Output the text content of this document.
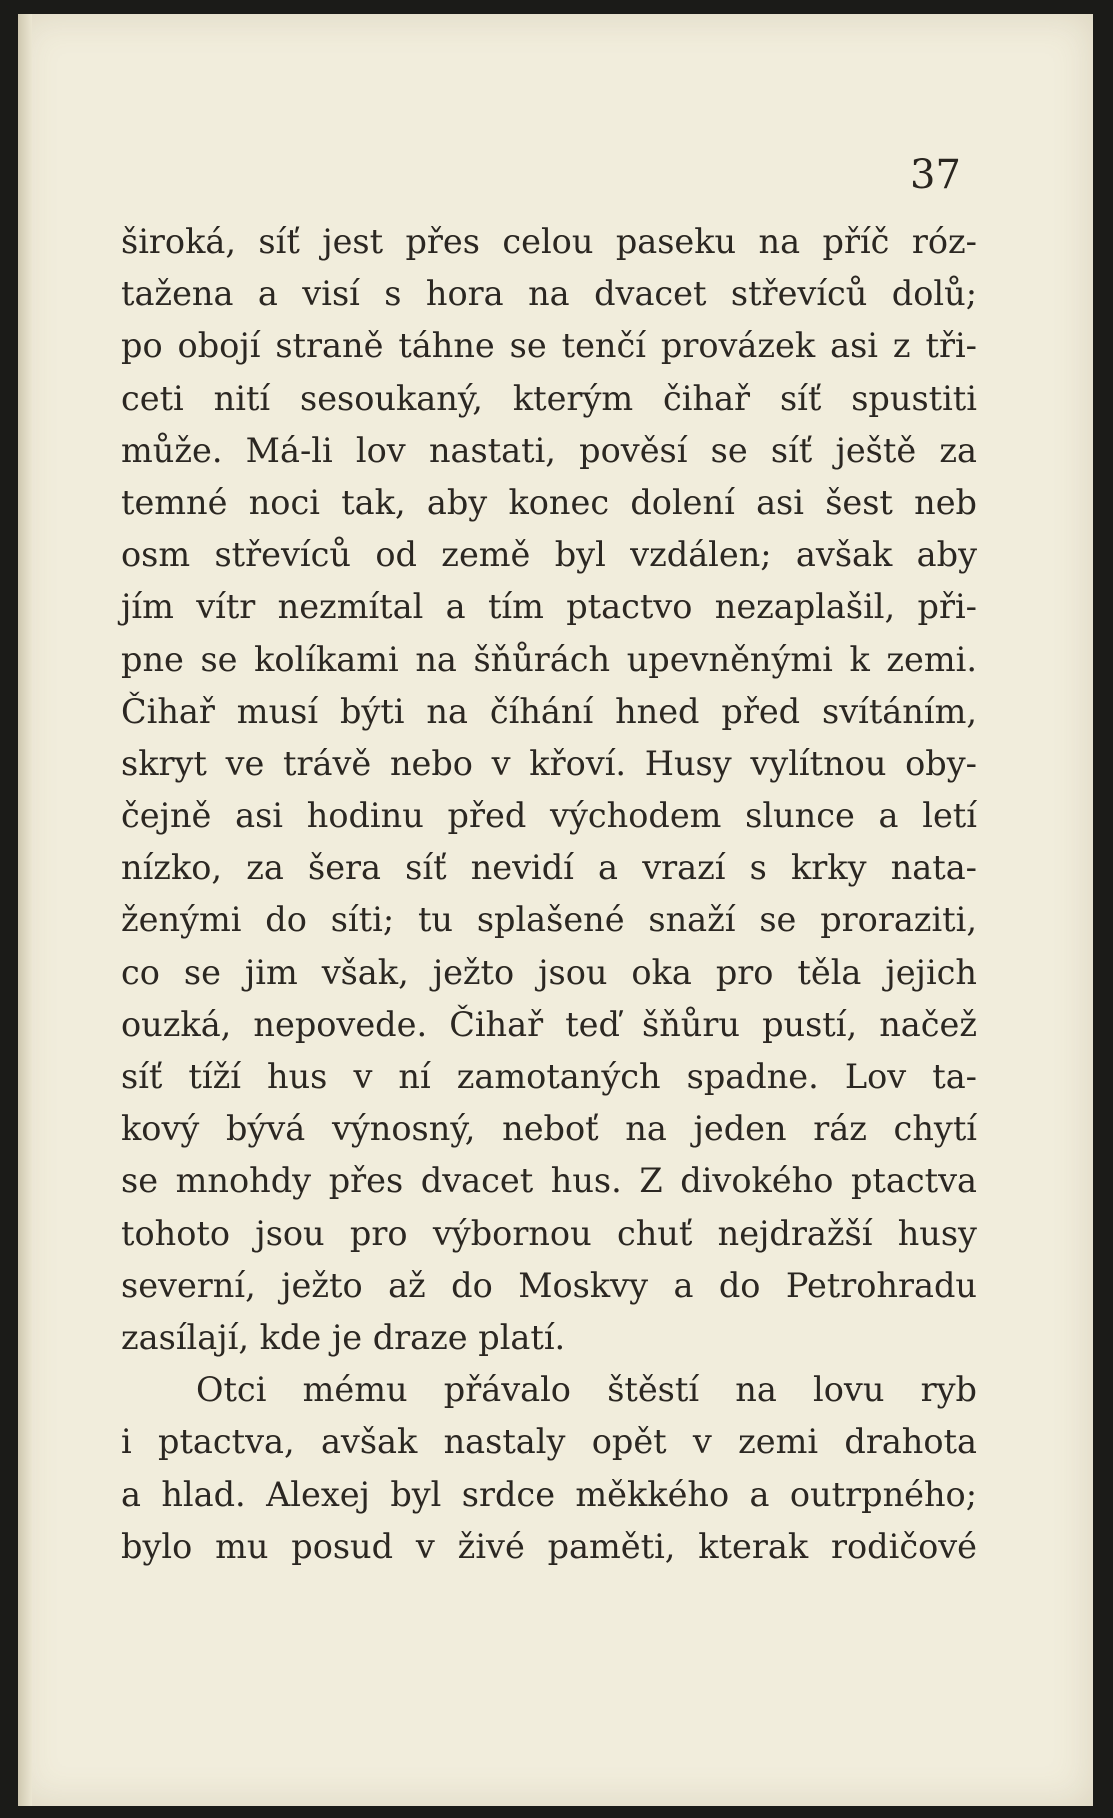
37
široká, síť jest přes celou paseku na příč róz-
tažena a visí s hora na dvacet střevíců dolů;
po obojí straně táhne se tenčí provázek asi z tři-
ceti nití sesoukaný, kterým čihař síť spustiti
může. Má-li lov nastati, pověsí se síť ještě za
temné noci tak, aby konec dolení asi šest neb
osm střevíců od země byl vzdálen; avšak aby
jím vítr nezmítal a tím ptactvo nezaplašil, při-
pne se kolíkami na šňůrách upevněnými k zemi.
Čihař musí býti na číhání hned před svítáním,
skryt ve trávě nebo v křoví. Husy vylítnou oby-
čejně asi hodinu před východem slunce a letí
nízko, za šera síť nevidí a vrazí s krky nata-
ženými do síti; tu splašené snaží se proraziti,
co se jim však, ježto jsou oka pro těla jejich
ouzká, nepovede. Čihař teď šňůru pustí, načež
síť tíží hus v ní zamotaných spadne. Lov ta-
kový bývá výnosný, neboť na jeden ráz chytí
se mnohdy přes dvacet hus. Z divokého ptactva
tohoto jsou pro výbornou chuť nejdražší husy
severní, ježto až do Moskvy a do Petrohradu
zasílají, kde je draze platí.
Otci mému přávalo štěstí na lovu ryb
i ptactva, avšak nastaly opět v zemi drahota
a hlad. Alexej byl srdce měkkého a outrpného;
bylo mu posud v živé paměti, kterak rodičové
